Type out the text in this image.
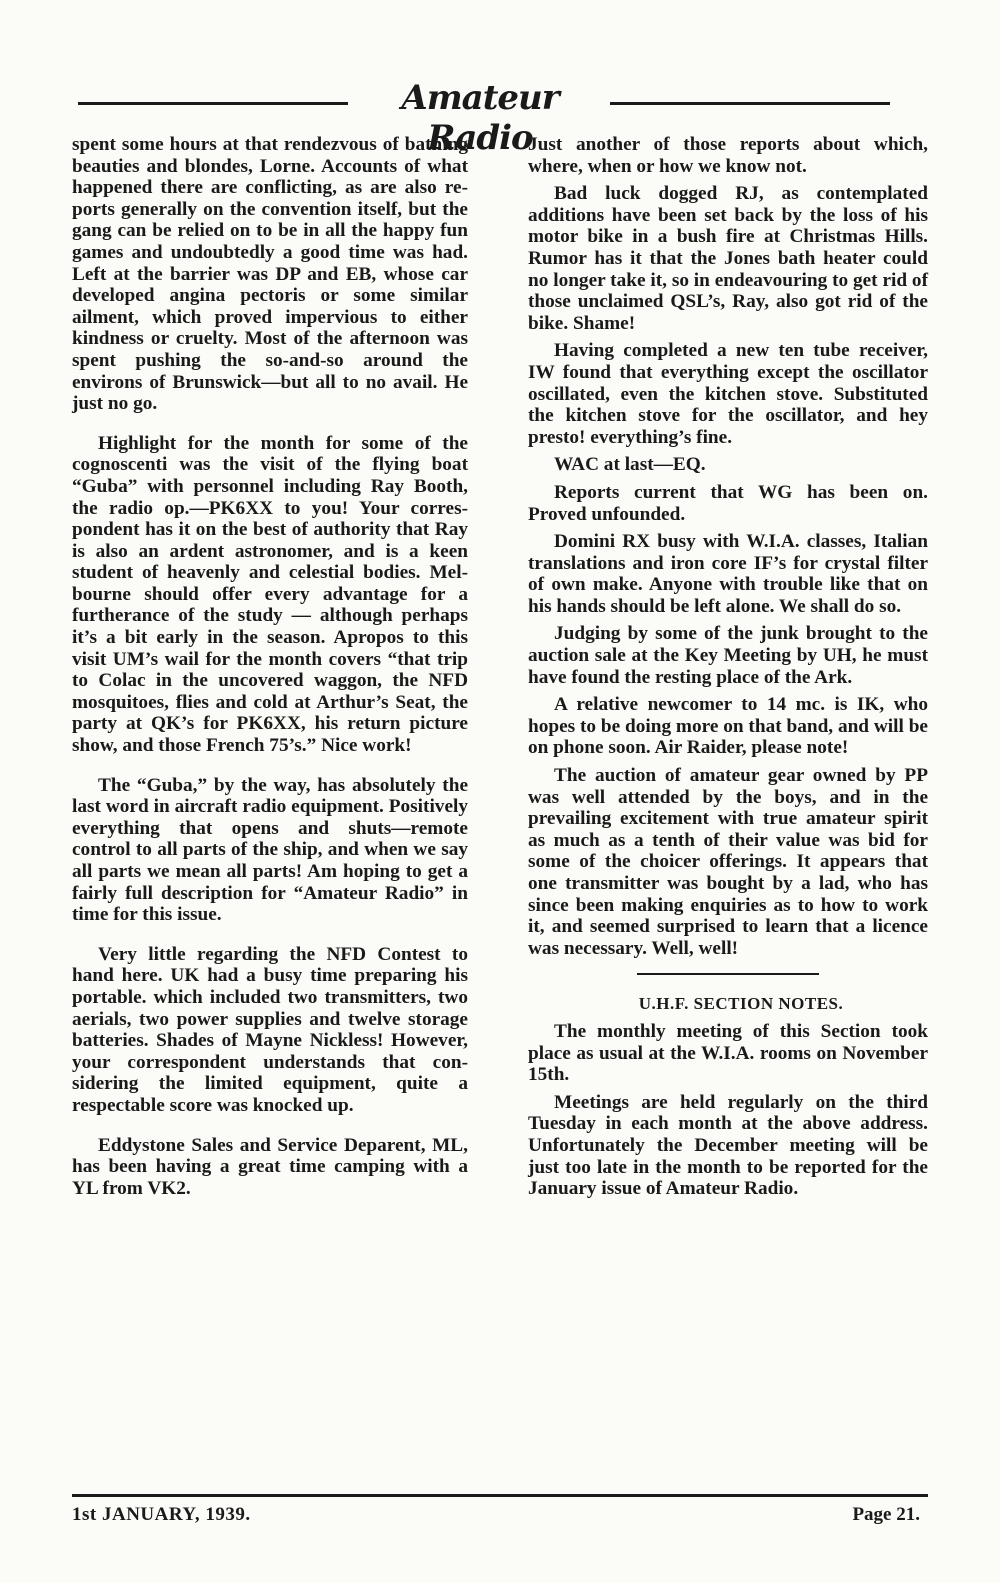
Amateur Radio

spent some hours at that rendezvous of bathing beauties and blondes, Lorne. Accounts of what happened there are conflicting, as are also reports generally on the convention itself, but the gang can be relied on to be in all the happy fun games and undoubtedly a good time was had. Left at the barrier was DP and EB, whose car developed angina pectoris or some similar ailment, which proved impervious to either kindness or cruelty. Most of the afternoon was spent pushing the so-and-so around the environs of Brunswick—but all to no avail. He just no go.

Highlight for the month for some of the cognoscenti was the visit of the flying boat “Guba” with personnel including Ray Booth, the radio op.—PK6XX to you! Your correspondent has it on the best of authority that Ray is also an ardent astronomer, and is a keen student of heavenly and celestial bodies. Melbourne should offer every advantage for a furtherance of the study — although perhaps it’s a bit early in the season. Apropos to this visit UM’s wail for the month covers “that trip to Colac in the uncovered waggon, the NFD mosquitoes, flies and cold at Arthur’s Seat, the party at QK’s for PK6XX, his return picture show, and those French 75’s.” Nice work!

The “Guba,” by the way, has absolutely the last word in aircraft radio equipment. Positively everything that opens and shuts—remote control to all parts of the ship, and when we say all parts we mean all parts! Am hoping to get a fairly full description for “Amateur Radio” in time for this issue.

Very little regarding the NFD Contest to hand here. UK had a busy time preparing his portable. which included two transmitters, two aerials, two power supplies and twelve storage batteries. Shades of Mayne Nickless! However, your correspondent understands that considering the limited equipment, quite a respectable score was knocked up.

Eddystone Sales and Service Deparent, ML, has been having a great time camping with a YL from VK2.

Just another of those reports about which, where, when or how we know not.

Bad luck dogged RJ, as contemplated additions have been set back by the loss of his motor bike in a bush fire at Christmas Hills. Rumor has it that the Jones bath heater could no longer take it, so in endeavouring to get rid of those unclaimed QSL’s, Ray, also got rid of the bike. Shame!

Having completed a new ten tube receiver, IW found that everything except the oscillator oscillated, even the kitchen stove. Substituted the kitchen stove for the oscillator, and hey presto! everything’s fine.

WAC at last—EQ.

Reports current that WG has been on. Proved unfounded.

Domini RX busy with W.I.A. classes, Italian translations and iron core IF’s for crystal filter of own make. Anyone with trouble like that on his hands should be left alone. We shall do so.

Judging by some of the junk brought to the auction sale at the Key Meeting by UH, he must have found the resting place of the Ark.

A relative newcomer to 14 mc. is IK, who hopes to be doing more on that band, and will be on phone soon. Air Raider, please note!

The auction of amateur gear owned by PP was well attended by the boys, and in the prevailing excitement with true amateur spirit as much as a tenth of their value was bid for some of the choicer offerings. It appears that one transmitter was bought by a lad, who has since been making enquiries as to how to work it, and seemed surprised to learn that a licence was necessary. Well, well!

U.H.F. SECTION NOTES.

The monthly meeting of this Section took place as usual at the W.I.A. rooms on November 15th.

Meetings are held regularly on the third Tuesday in each month at the above address. Unfortunately the December meeting will be just too late in the month to be reported for the January issue of Amateur Radio.

1st JANUARY, 1939.	Page 21.
